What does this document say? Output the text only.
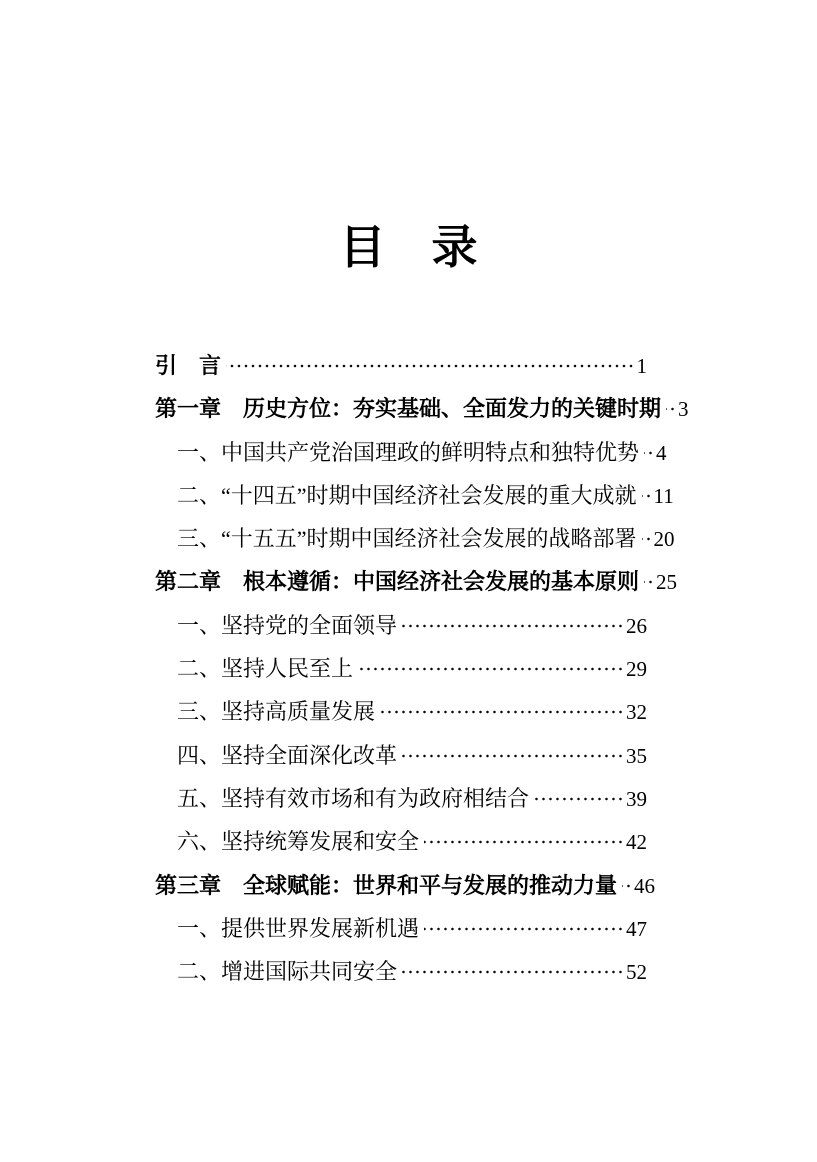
目　录
引　言	1
第一章　历史方位：夯实基础、全面发力的关键时期 3
一、中国共产党治国理政的鲜明特点和独特优势 4
二、“十四五”时期中国经济社会发展的重大成就 11
三、“十五五”时期中国经济社会发展的战略部署 20
第二章　根本遵循：中国经济社会发展的基本原则 25
一、坚持党的全面领导	26
二、坚持人民至上	29
三、坚持高质量发展	32
四、坚持全面深化改革	35
五、坚持有效市场和有为政府相结合	39
六、坚持统筹发展和安全	42
第三章　全球赋能：世界和平与发展的推动力量 46
一、提供世界发展新机遇	47
二、增进国际共同安全	52
